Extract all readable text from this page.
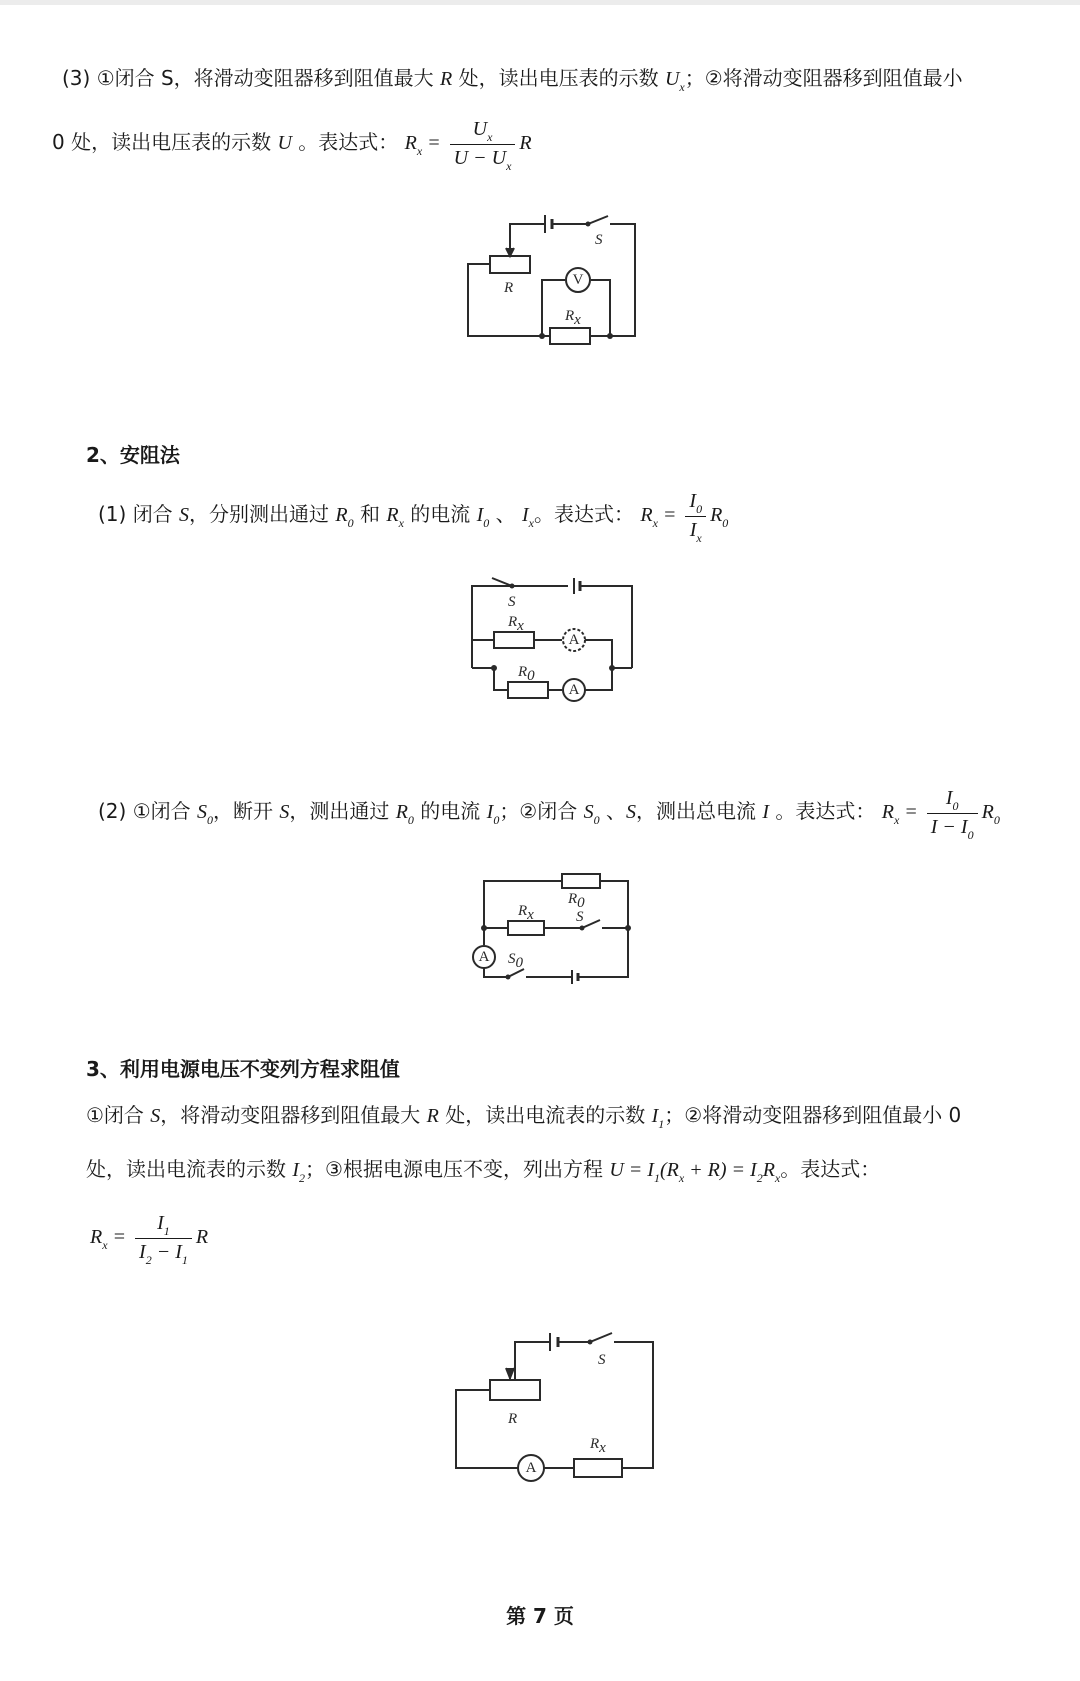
(3) ①闭合 S，将滑动变阻器移到阻值最大 R 处，读出电压表的示数 $U_x$；②将滑动变阻器移到阻值最小
0 处，读出电压表的示数 U 。表达式： $R_x = \frac{U_x}{U - U_x}$ R
S
R	V
Rx
2、安阻法
(1) 闭合 S，分别测出通过 $R_0$ 和 $R_x$ 的电流 $I_0$ 、 $I_x$。表达式： $R_x = \frac{I_0}{I_x} R_0$
S
A
Rx
A
R0
(2) ①闭合 $S_0$，断开 S，测出通过 $R_0$ 的电流 $I_0$；②闭合 $S_0$ 、S，测出总电流 I 。表达式： $R_x = \frac{I_0}{I - I_0} R_0$
R0
Rx	S
A S0
3、利用电源电压不变列方程求阻值
①闭合 S，将滑动变阻器移到阻值最大 R 处，读出电流表的示数 $I_1$；②将滑动变阻器移到阻值最小 0
处，读出电流表的示数 $I_2$；③根据电源电压不变，列出方程 $U = I_1(R_x + R) = I_2R_x$。表达式：
$R_x = \frac{I_1}{I_2 - I_1}$ R
S
R
A
Rx
第 7 页
